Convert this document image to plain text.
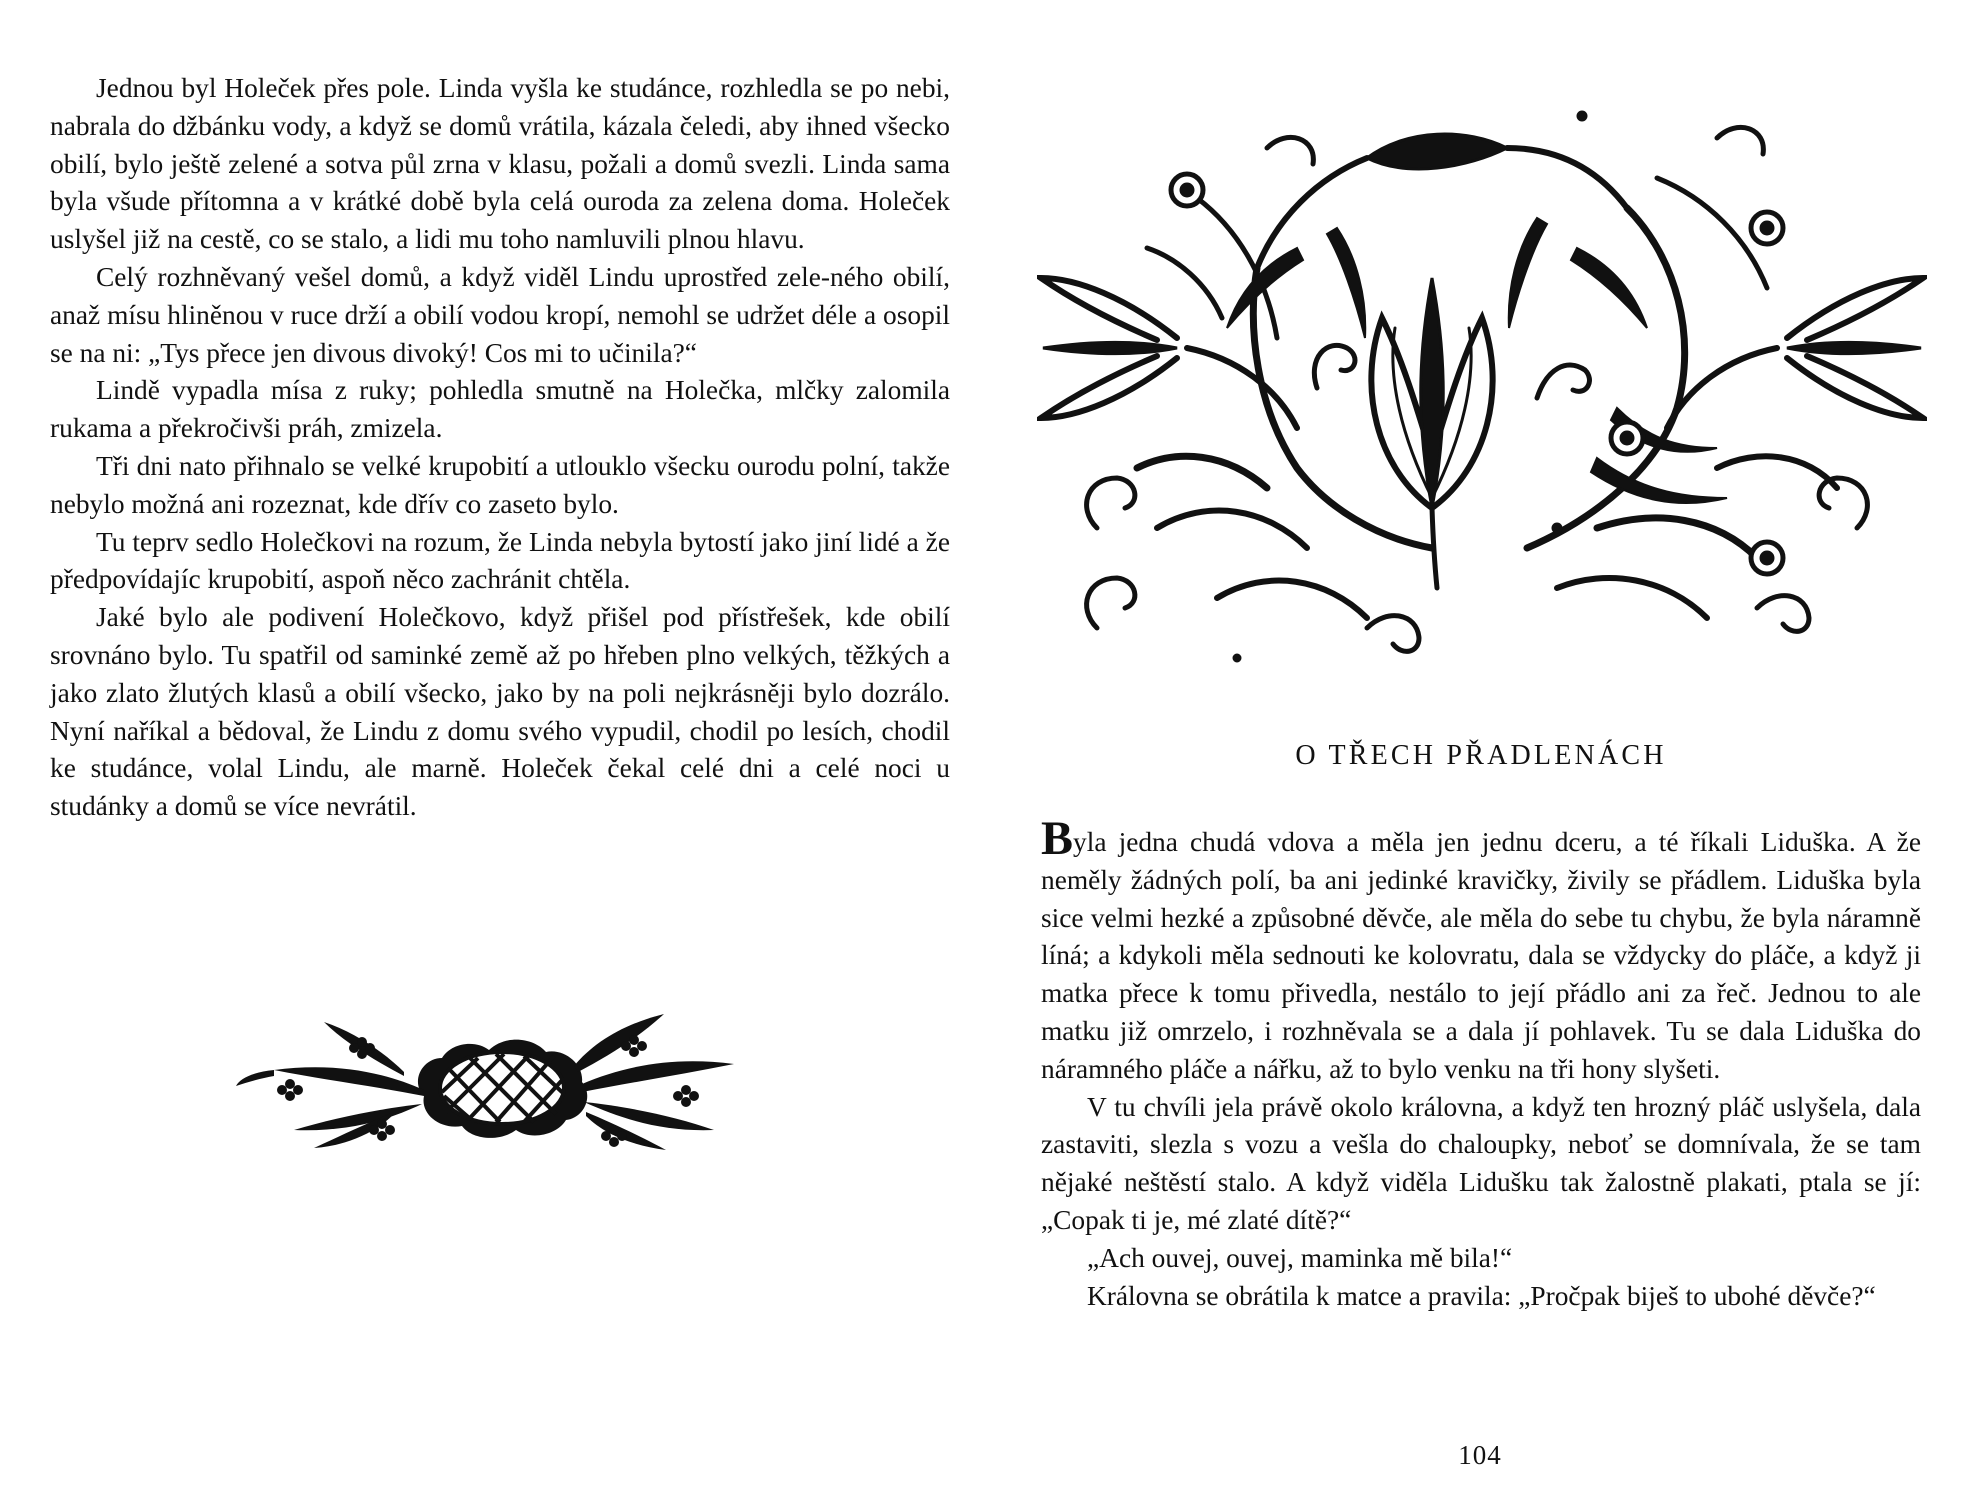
Jednou byl Holeček přes pole. Linda vyšla ke studánce, rozhledla se po nebi, nabrala do džbánku vody, a když se domů vrátila, kázala čeledi, aby ihned všecko obilí, bylo ještě zelené a sotva půl zrna v klasu, požali a domů svezli. Linda sama byla všude přítomna a v krátké době byla celá ouroda za zelena doma. Holeček uslyšel již na cestě, co se stalo, a lidi mu toho namluvili plnou hlavu.

Celý rozhněvaný vešel domů, a když viděl Lindu uprostřed zele-ného obilí, anaž mísu hliněnou v ruce drží a obilí vodou kropí, nemohl se udržet déle a osopil se na ni: „Tys přece jen divous divoký! Cos mi to učinila?“

Lindě vypadla mísa z ruky; pohledla smutně na Holečka, mlčky zalomila rukama a překročivši práh, zmizela.

Tři dni nato přihnalo se velké krupobití a utlouklo všecku ourodu polní, takže nebylo možná ani rozeznat, kde dřív co zaseto bylo.

Tu teprv sedlo Holečkovi na rozum, že Linda nebyla bytostí jako jiní lidé a že předpovídajíc krupobití, aspoň něco zachránit chtěla.

Jaké bylo ale podivení Holečkovo, když přišel pod přístřešek, kde obilí srovnáno bylo. Tu spatřil od saminké země až po hřeben plno velkých, těžkých a jako zlato žlutých klasů a obilí všecko, jako by na poli nejkrásněji bylo dozrálo. Nyní naříkal a bědoval, že Lindu z domu svého vypudil, chodil po lesích, chodil ke studánce, volal Lindu, ale marně. Holeček čekal celé dni a celé noci u studánky a domů se více nevrátil.

O TŘECH PŘADLENÁCH

Byla jedna chudá vdova a měla jen jednu dceru, a té říkali Liduška. A že neměly žádných polí, ba ani jedinké kravičky, živily se přádlem. Liduška byla sice velmi hezké a způsobné děvče, ale měla do sebe tu chybu, že byla náramně líná; a kdykoli měla sednouti ke kolovratu, dala se vždycky do pláče, a když ji matka přece k tomu přivedla, nestálo to její přádlo ani za řeč. Jednou to ale matku již omrzelo, i rozhněvala se a dala jí pohlavek. Tu se dala Liduška do náramného pláče a nářku, až to bylo venku na tři hony slyšeti.

V tu chvíli jela právě okolo královna, a když ten hrozný pláč uslyšela, dala zastaviti, slezla s vozu a vešla do chaloupky, neboť se domnívala, že se tam nějaké neštěstí stalo. A když viděla Lidušku tak žalostně plakati, ptala se jí: „Copak ti je, mé zlaté dítě?“

„Ach ouvej, ouvej, maminka mě bila!“

Královna se obrátila k matce a pravila: „Pročpak biješ to ubohé děvče?“

104
